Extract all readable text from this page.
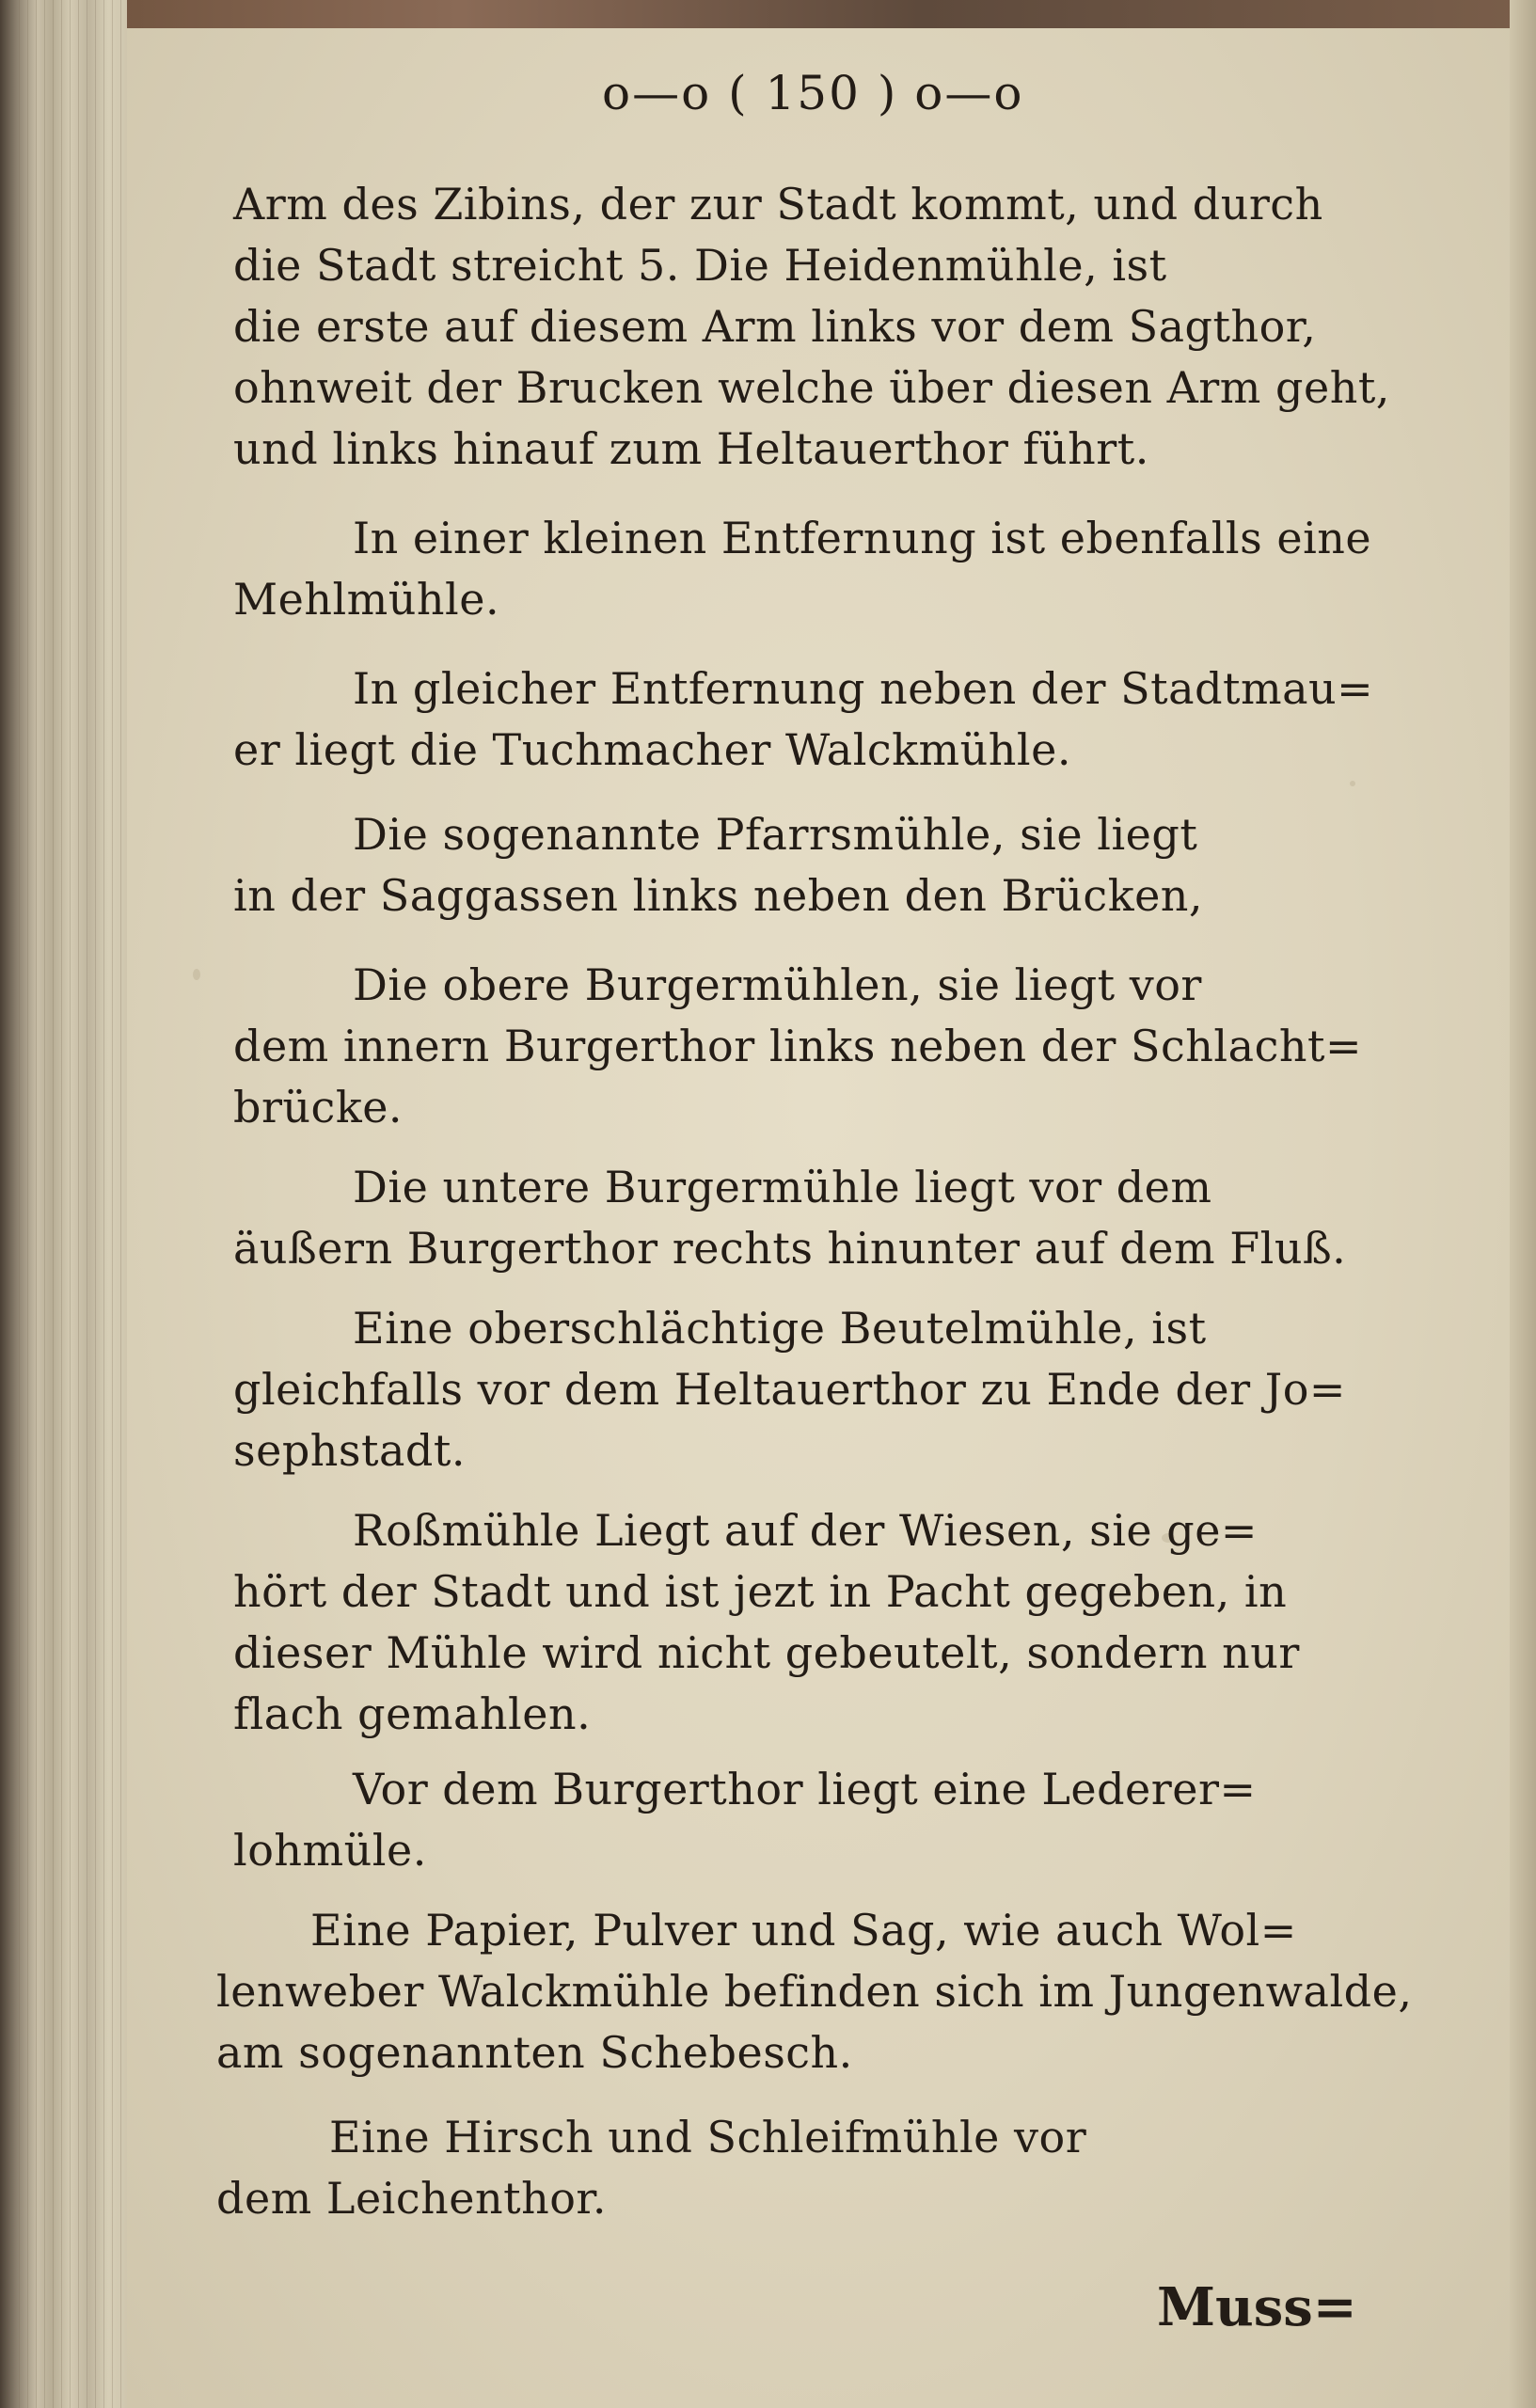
o—o ( 150 ) o—o

Arm des Zibins, der zur Stadt kommt, und durch

die Stadt streicht 5. Die Heidenmühle, ist

die erste auf diesem Arm links vor dem Sagthor,

ohnweit der Brucken welche über diesen Arm geht,

und links hinauf zum Heltauerthor führt.

In einer kleinen Entfernung ist ebenfalls eine

Mehlmühle.

In gleicher Entfernung neben der Stadtmau=

er liegt die Tuchmacher Walckmühle.

Die sogenannte Pfarrsmühle, sie liegt

in der Saggassen links neben den Brücken,

Die obere Burgermühlen, sie liegt vor

dem innern Burgerthor links neben der Schlacht=

brücke.

Die untere Burgermühle liegt vor dem

äußern Burgerthor rechts hinunter auf dem Fluß.

Eine oberschlächtige Beutelmühle, ist

gleichfalls vor dem Heltauerthor zu Ende der Jo=

sephstadt.

Roßmühle Liegt auf der Wiesen, sie ge=

hört der Stadt und ist jezt in Pacht gegeben, in

dieser Mühle wird nicht gebeutelt, sondern nur

flach gemahlen.

Vor dem Burgerthor liegt eine Lederer=

lohmüle.

Eine Papier, Pulver und Sag, wie auch Wol=

lenweber Walckmühle befinden sich im Jungenwalde,

am sogenannten Schebesch.

Eine Hirsch und Schleifmühle vor

dem Leichenthor.

Muss=
